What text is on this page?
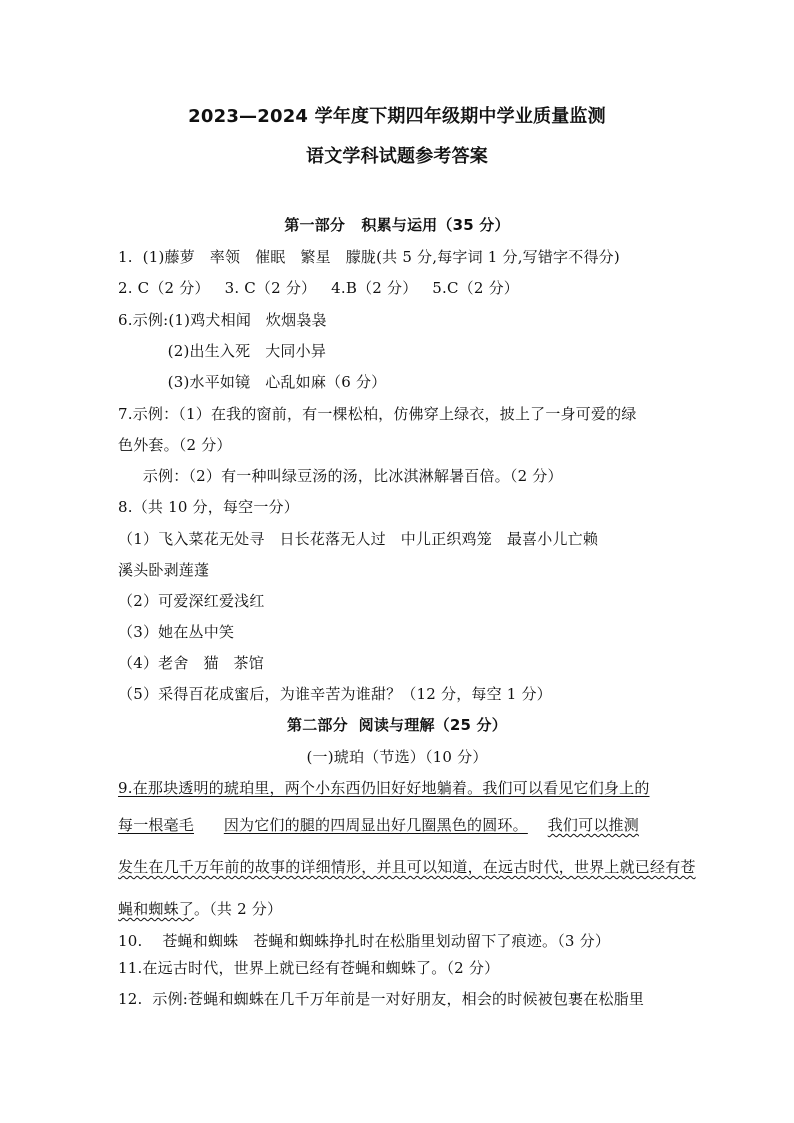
2023—2024 学年度下期四年级期中学业质量监测
语文学科试题参考答案
第一部分   积累与运用（35 分）
1.  (1)藤萝   率领   催眠   繁星   朦胧(共 5 分,每字词 1 分,写错字不得分)
2. C（2 分）   3. C（2 分）   4.B（2 分）   5.C（2 分）
6.示例:(1)鸡犬相闻   炊烟袅袅
(2)出生入死   大同小异
(3)水平如镜   心乱如麻（6 分）
7.示例：（1）在我的窗前，有一棵松柏，仿佛穿上绿衣，披上了一身可爱的绿
色外套。（2 分）
示例：（2）有一种叫绿豆汤的汤，比冰淇淋解暑百倍。（2 分）
8.（共 10 分，每空一分）
（1）飞入菜花无处寻   日长花落无人过   中儿正织鸡笼   最喜小儿亡赖
溪头卧剥莲蓬
（2）可爱深红爱浅红
（3）她在丛中笑
（4）老舍   猫   茶馆
（5）采得百花成蜜后，为谁辛苦为谁甜？（12 分，每空 1 分）
第二部分  阅读与理解（25 分）
(一)琥珀（节选）（10 分）
9.在那块透明的琥珀里，两个小东西仍旧好好地躺着。我们可以看见它们身上的
每一根毫毛 因为它们的腿的四周显出好几圈黑色的圆环。 我们可以推测
发生在几千万年前的故事的详细情形，并且可以知道，在远古时代，世界上就已经有苍
蝇和蜘蛛了。（共 2 分）
10.    苍蝇和蜘蛛   苍蝇和蜘蛛挣扎时在松脂里划动留下了痕迹。（3 分）
11.在远古时代，世界上就已经有苍蝇和蜘蛛了。（2 分）
12.  示例:苍蝇和蜘蛛在几千万年前是一对好朋友，相会的时候被包裹在松脂里
